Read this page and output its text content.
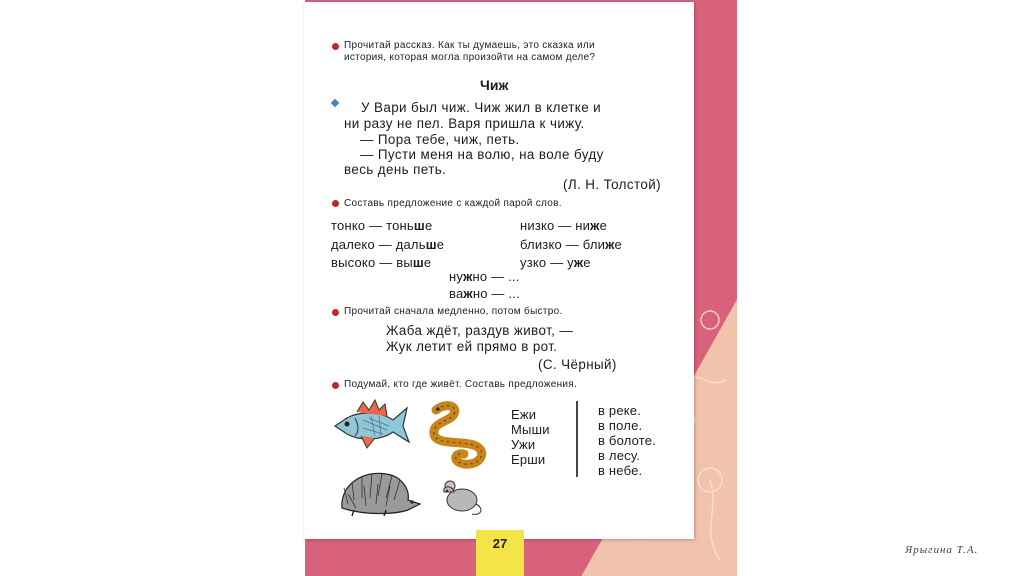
Прочитай рассказ. Как ты думаешь, это сказка или
история, которая могла произойти на самом деле?
Чиж
У Вари был чиж. Чиж жил в клетке и
ни разу не пел. Варя пришла к чижу.
— Пора тебе, чиж, петь.
— Пусти меня на волю, на воле буду
весь день петь.
(Л. Н. Толстой)
Составь предложение с каждой парой слов.
тонко — тоньше
далеко — дальше
высоко — выше
низко — ниже
близко — ближе
узко — уже
нужно — ...
важно — ...
Прочитай сначала медленно, потом быстро.
Жаба ждёт, раздув живот, —
Жук летит ей прямо в рот.
(С. Чёрный)
Подумай, кто где живёт. Составь предложения.
Ежи
Мыши
Ужи
Ерши
в реке.
в поле.
в болоте.
в лесу.
в небе.
27	Ярыгина Т.А.
